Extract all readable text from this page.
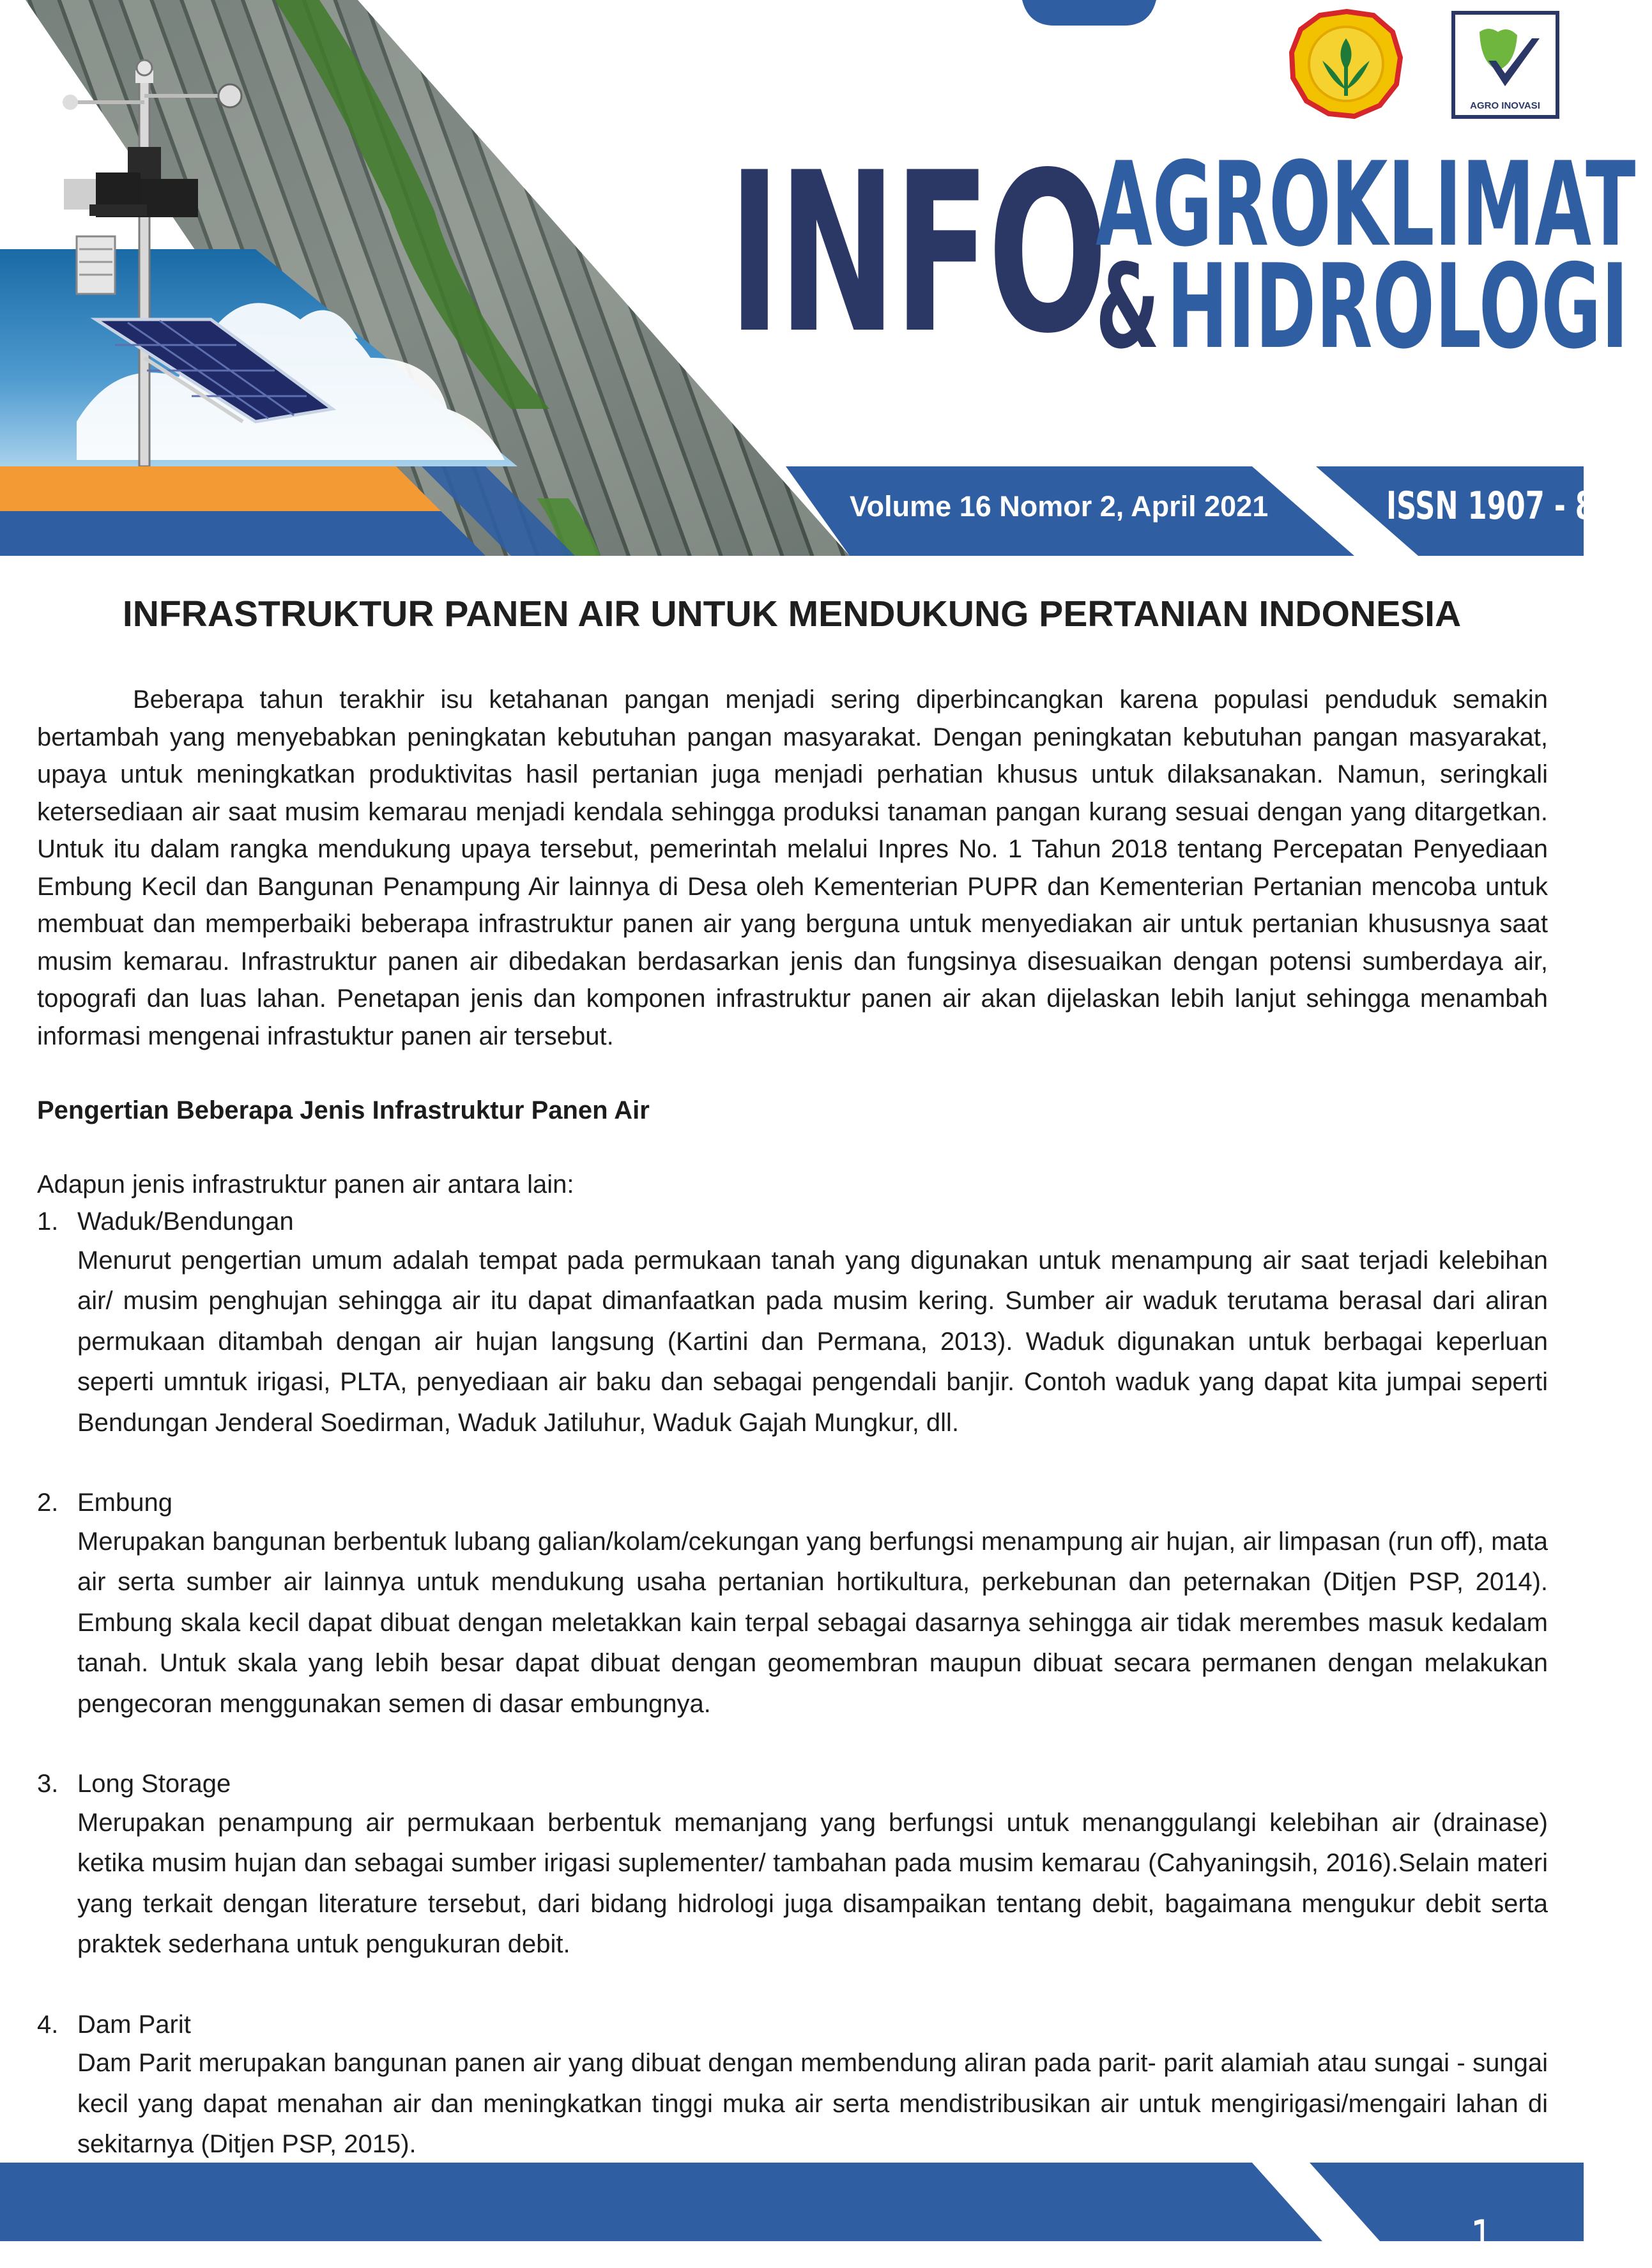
AGRO INOVASI
INFO
AGROKLIMAT
&HIDROLOGI
Volume 16 Nomor 2, April 2021	ISSN 1907 - 8773
INFRASTRUKTUR PANEN AIR UNTUK MENDUKUNG PERTANIAN INDONESIA

Beberapa tahun terakhir isu ketahanan pangan menjadi sering diperbincangkan karena populasi penduduk semakin bertambah yang menyebabkan peningkatan kebutuhan pangan masyarakat. Dengan peningkatan kebutuhan pangan masyarakat, upaya untuk meningkatkan produktivitas hasil pertanian juga menjadi perhatian khusus untuk dilaksanakan. Namun, seringkali ketersediaan air saat musim kemarau menjadi kendala sehingga produksi tanaman pangan kurang sesuai dengan yang ditargetkan. Untuk itu dalam rangka mendukung upaya tersebut, pemerintah melalui Inpres No. 1 Tahun 2018 tentang Percepatan Penyediaan Embung Kecil dan Bangunan Penampung Air lainnya di Desa oleh Kementerian PUPR dan Kementerian Pertanian mencoba untuk membuat dan memperbaiki beberapa infrastruktur panen air yang berguna untuk menyediakan air untuk pertanian khususnya saat musim kemarau. Infrastruktur panen air dibedakan berdasarkan jenis dan fungsinya disesuaikan dengan potensi sumberdaya air, topografi dan luas lahan. Penetapan jenis dan komponen infrastruktur panen air akan dijelaskan lebih lanjut sehingga menambah informasi mengenai infrastuktur panen air tersebut.

Pengertian Beberapa Jenis Infrastruktur Panen Air

Adapun jenis infrastruktur panen air antara lain:

1. Waduk/Bendungan

Menurut pengertian umum adalah tempat pada permukaan tanah yang digunakan untuk menampung air saat terjadi kelebihan air/ musim penghujan sehingga air itu dapat dimanfaatkan pada musim kering. Sumber air waduk terutama berasal dari aliran permukaan ditambah dengan air hujan langsung (Kartini dan Permana, 2013). Waduk digunakan untuk berbagai keperluan seperti umntuk irigasi, PLTA, penyediaan air baku dan sebagai pengendali banjir. Contoh waduk yang dapat kita jumpai seperti Bendungan Jenderal Soedirman, Waduk Jatiluhur, Waduk Gajah Mungkur, dll.

2. Embung

Merupakan bangunan berbentuk lubang galian/kolam/cekungan yang berfungsi menampung air hujan, air limpasan (run off), mata air serta sumber air lainnya untuk mendukung usaha pertanian hortikultura, perkebunan dan peternakan (Ditjen PSP, 2014). Embung skala kecil dapat dibuat dengan meletakkan kain terpal sebagai dasarnya sehingga air tidak merembes masuk kedalam tanah. Untuk skala yang lebih besar dapat dibuat dengan geomembran maupun dibuat secara permanen dengan melakukan pengecoran menggunakan semen di dasar embungnya.

3. Long Storage

Merupakan penampung air permukaan berbentuk memanjang yang berfungsi untuk menanggulangi kelebihan air (drainase) ketika musim hujan dan sebagai sumber irigasi suplementer/ tambahan pada musim kemarau (Cahyaningsih, 2016).Selain materi yang terkait dengan literature tersebut, dari bidang hidrologi juga disampaikan tentang debit, bagaimana mengukur debit serta praktek sederhana untuk pengukuran debit.

4. Dam Parit

Dam Parit merupakan bangunan panen air yang dibuat dengan membendung aliran pada parit- parit alamiah atau sungai - sungai kecil yang dapat menahan air dan meningkatkan tinggi muka air serta mendistribusikan air untuk mengirigasi/mengairi lahan di sekitarnya (Ditjen PSP, 2015).

1
